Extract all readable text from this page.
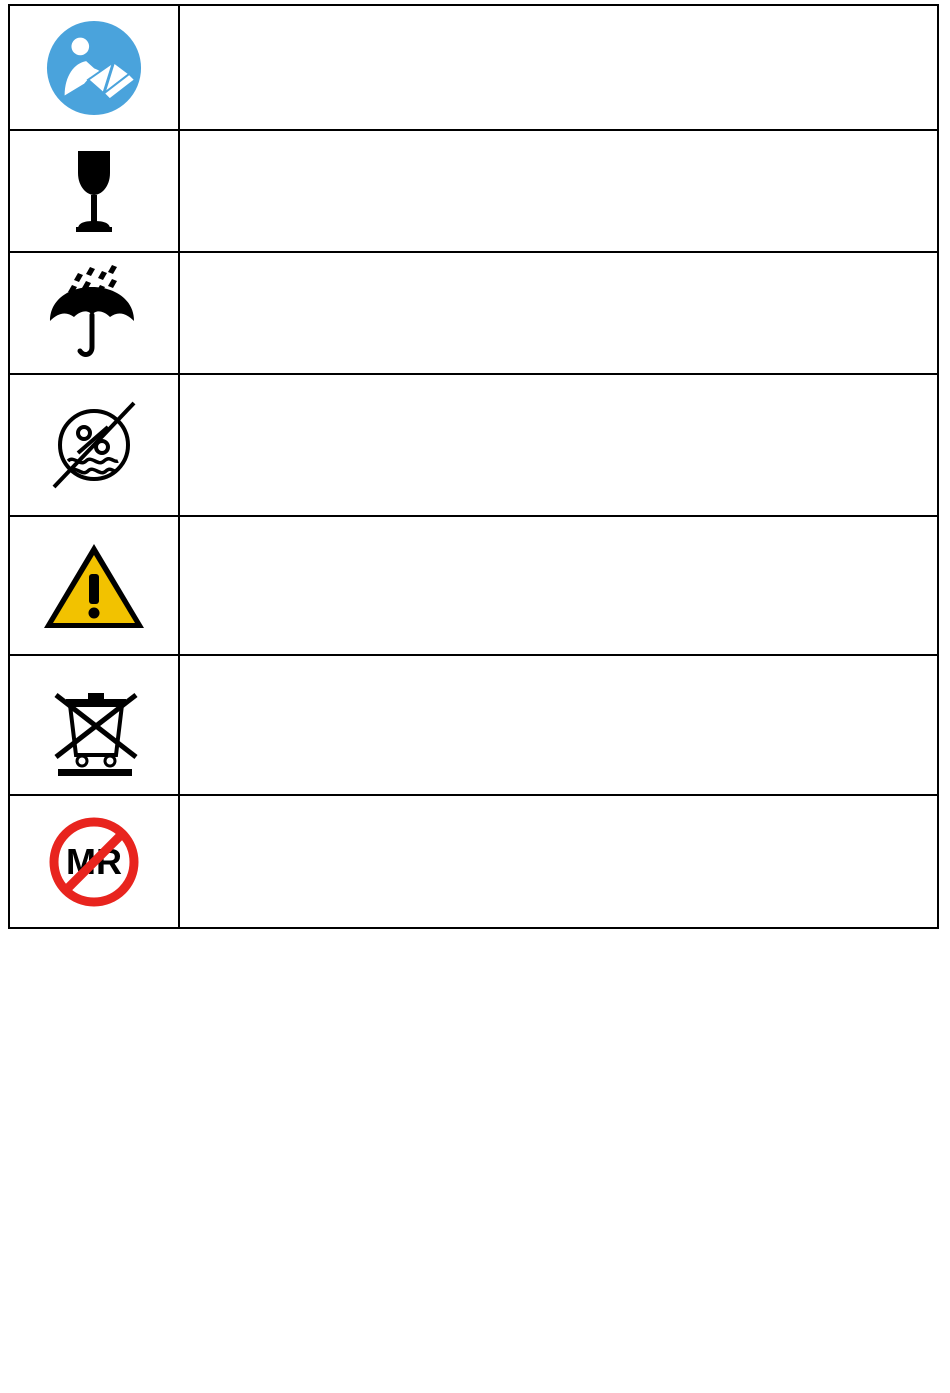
MR	
